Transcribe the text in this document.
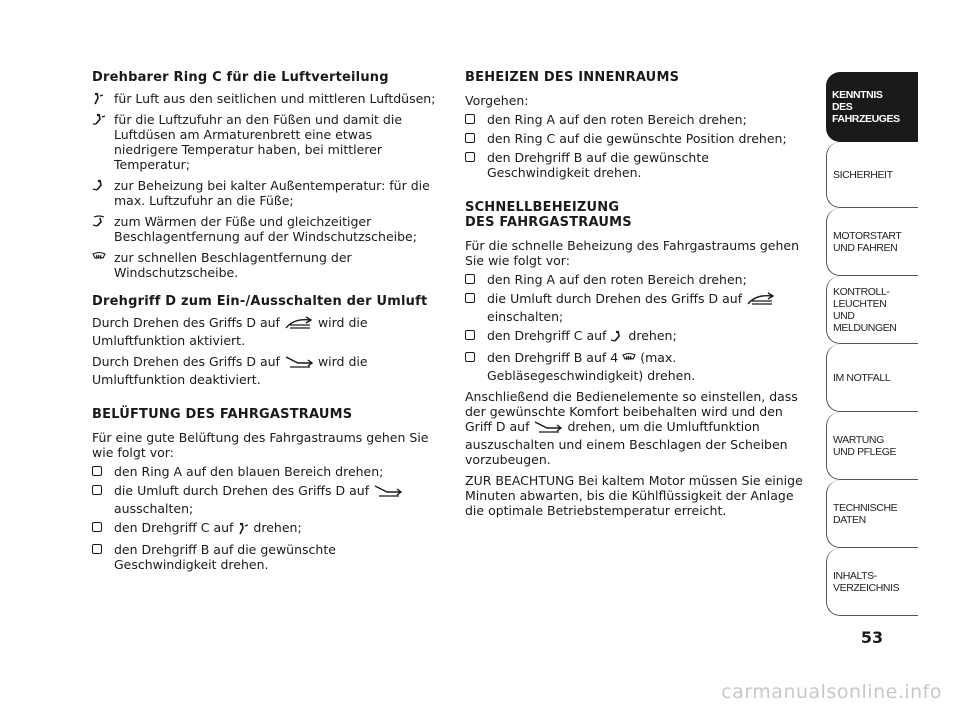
Drehbarer Ring C für die Luftverteilung
für Luft aus den seitlichen und mittleren Luftdüsen;
für die Luftzufuhr an den Füßen und damit die Luftdüsen am Armaturenbrett eine etwas niedrigere Temperatur haben, bei mittlerer Temperatur;
zur Beheizung bei kalter Außentemperatur: für die max. Luftzufuhr an die Füße;
zum Wärmen der Füße und gleichzeitiger Beschlagentfernung auf der Windschutzscheibe;
zur schnellen Beschlagentfernung der Windschutzscheibe.
Drehgriff D zum Ein-/Ausschalten der Umluft

Durch Drehen des Griffs D auf	wird die Umluftfunktion aktiviert.

Durch Drehen des Griffs D auf	wird die Umluftfunktion deaktiviert.

BELÜFTUNG DES FAHRGASTRAUMS

Für eine gute Belüftung des Fahrgastraums gehen Sie wie folgt vor:

den Ring A auf den blauen Bereich drehen;
die Umluft durch Drehen des Griffs D auf
ausschalten;
den Drehgriff C auf drehen;
den Drehgriff B auf die gewünschte Geschwindigkeit drehen.
BEHEIZEN DES INNENRAUMS

Vorgehen:

den Ring A auf den roten Bereich drehen;
den Ring C auf die gewünschte Position drehen;
den Drehgriff B auf die gewünschte Geschwindigkeit drehen.
SCHNELLBEHEIZUNG
DES FAHRGASTRAUMS

Für die schnelle Beheizung des Fahrgastraums gehen Sie wie folgt vor:

den Ring A auf den roten Bereich drehen;
die Umluft durch Drehen des Griffs D auf
einschalten;
den Drehgriff C auf drehen;
den Drehgriff B auf 4 (max. Gebläsegeschwindigkeit) drehen.

Anschließend die Bedienelemente so einstellen, dass der gewünschte Komfort beibehalten wird und den Griff D auf	drehen, um die Umluftfunktion auszuschalten und einem Beschlagen der Scheiben vorzubeugen.

ZUR BEACHTUNG Bei kaltem Motor müssen Sie einige Minuten abwarten, bis die Kühlflüssigkeit der Anlage die optimale Betriebstemperatur erreicht.

KENNTNIS
DES FAHRZEUGES
SICHERHEIT
MOTORSTART
UND FAHREN
KONTROLL-
LEUCHTEN
UND MELDUNGEN
IM NOTFALL
WARTUNG
UND PFLEGE
TECHNISCHE
DATEN
INHALTS-
VERZEICHNIS
53
carmanualsonline.info
